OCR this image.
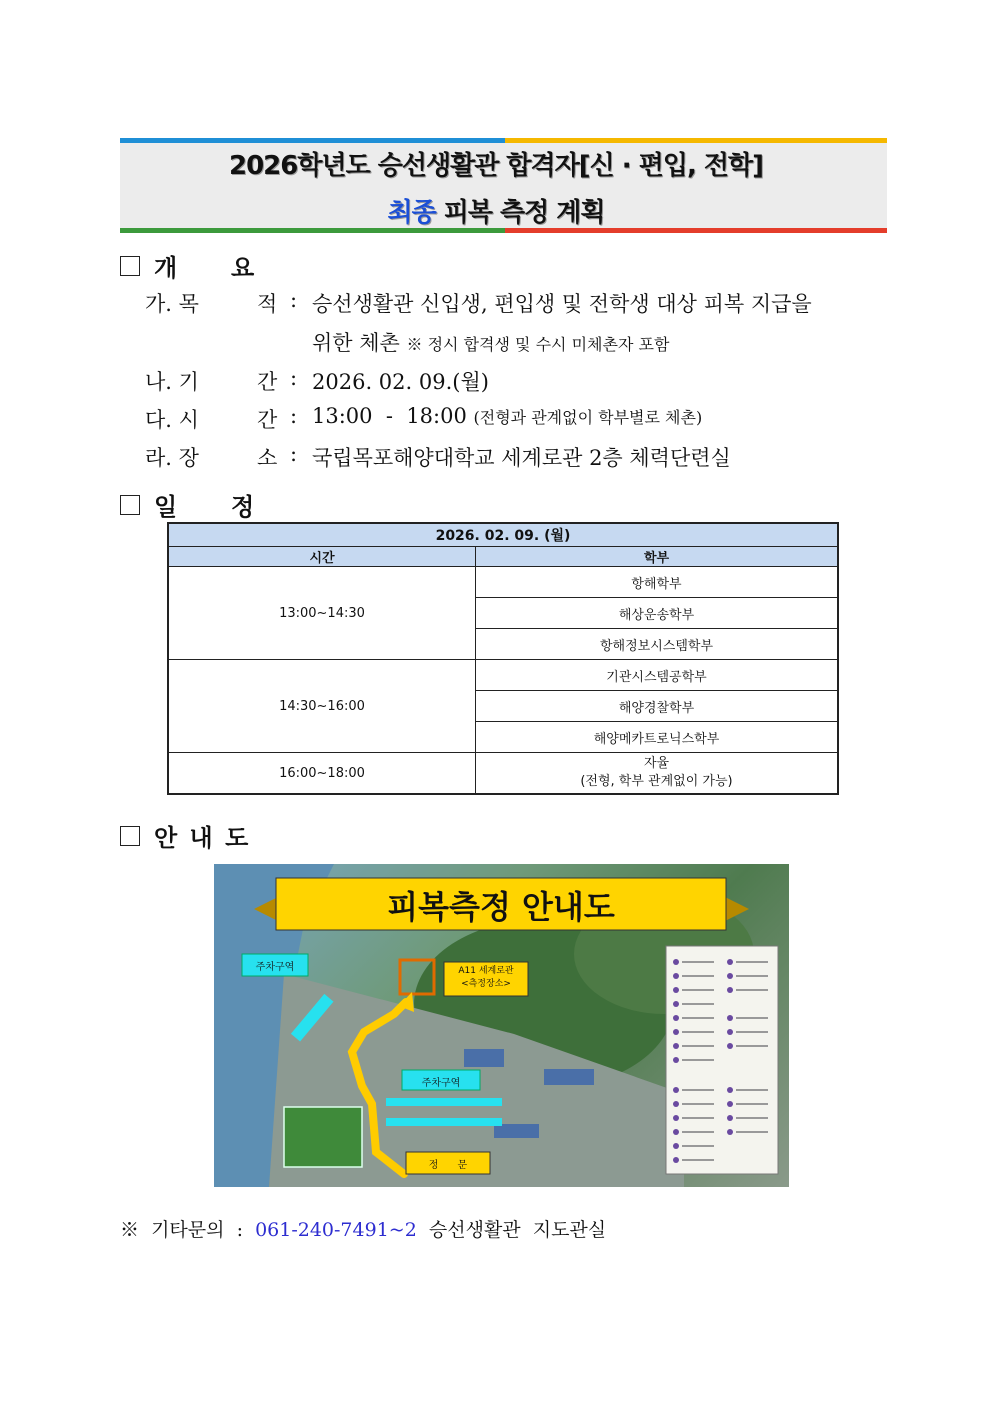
2026학년도 승선생활관 합격자[신 · 편입, 전학]
최종 피복 측정 계획
개     요
가. 목	적 : 승선생활관 신입생, 편입생 및 전학생 대상 피복 지급을
위한 체촌 ※ 정시 합격생 및 수시 미체촌자 포함
나. 기	간 : 2026. 02. 09.(월)
다. 시	간 : 13:00  -  18:00 (전형과 관계없이 학부별로 체촌)
라. 장	소 : 국립목포해양대학교 세계로관 2층 체력단련실
일     정
2026. 02. 09. (월)	
시간	학부
13:00~14:30	항해학부
	해상운송학부
	항해정보시스템학부
14:30~16:00	기관시스템공학부
	해양경찰학부
	해양메카트로닉스학부
16:00~18:00	자율
(전형, 학부 관계없이 가능)
안 내 도
피복측정 안내도
주차구역
주차구역
A11 세계로관
<측정장소>
정      문
※  기타문의  :  061-240-7491~2  승선생활관  지도관실
